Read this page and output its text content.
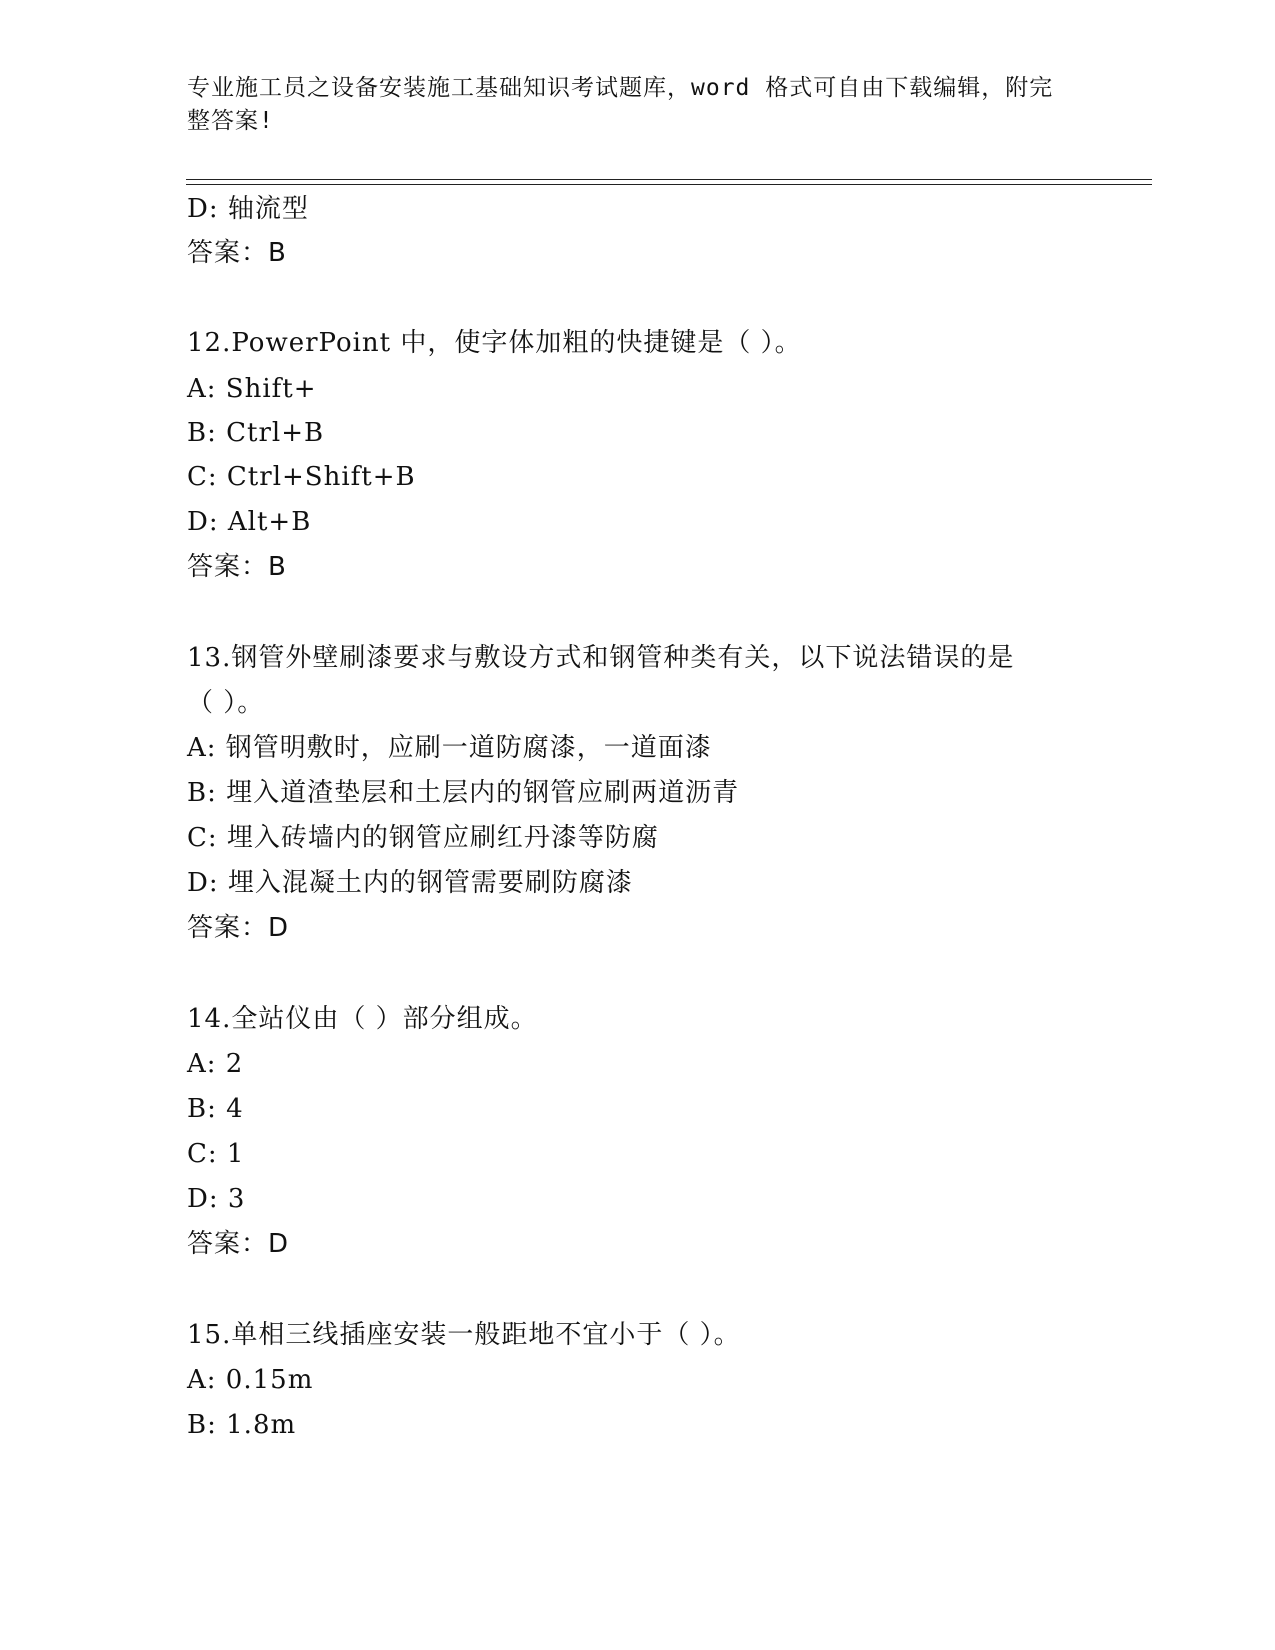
专业施工员之设备安装施工基础知识考试题库，word 格式可自由下载编辑，附完
整答案!
D: 轴流型
答案：B
12.PowerPoint 中，使字体加粗的快捷键是（ ）。
A: Shift+
B: Ctrl+B
C: Ctrl+Shift+B
D: Alt+B
答案：B
13.钢管外壁刷漆要求与敷设方式和钢管种类有关，以下说法错误的是
（ ）。
A: 钢管明敷时，应刷一道防腐漆，一道面漆
B: 埋入道渣垫层和土层内的钢管应刷两道沥青
C: 埋入砖墙内的钢管应刷红丹漆等防腐
D: 埋入混凝土内的钢管需要刷防腐漆
答案：D
14.全站仪由（ ）部分组成。
A: 2
B: 4
C: 1
D: 3
答案：D
15.单相三线插座安装一般距地不宜小于（ ）。
A: 0.15m
B: 1.8m
